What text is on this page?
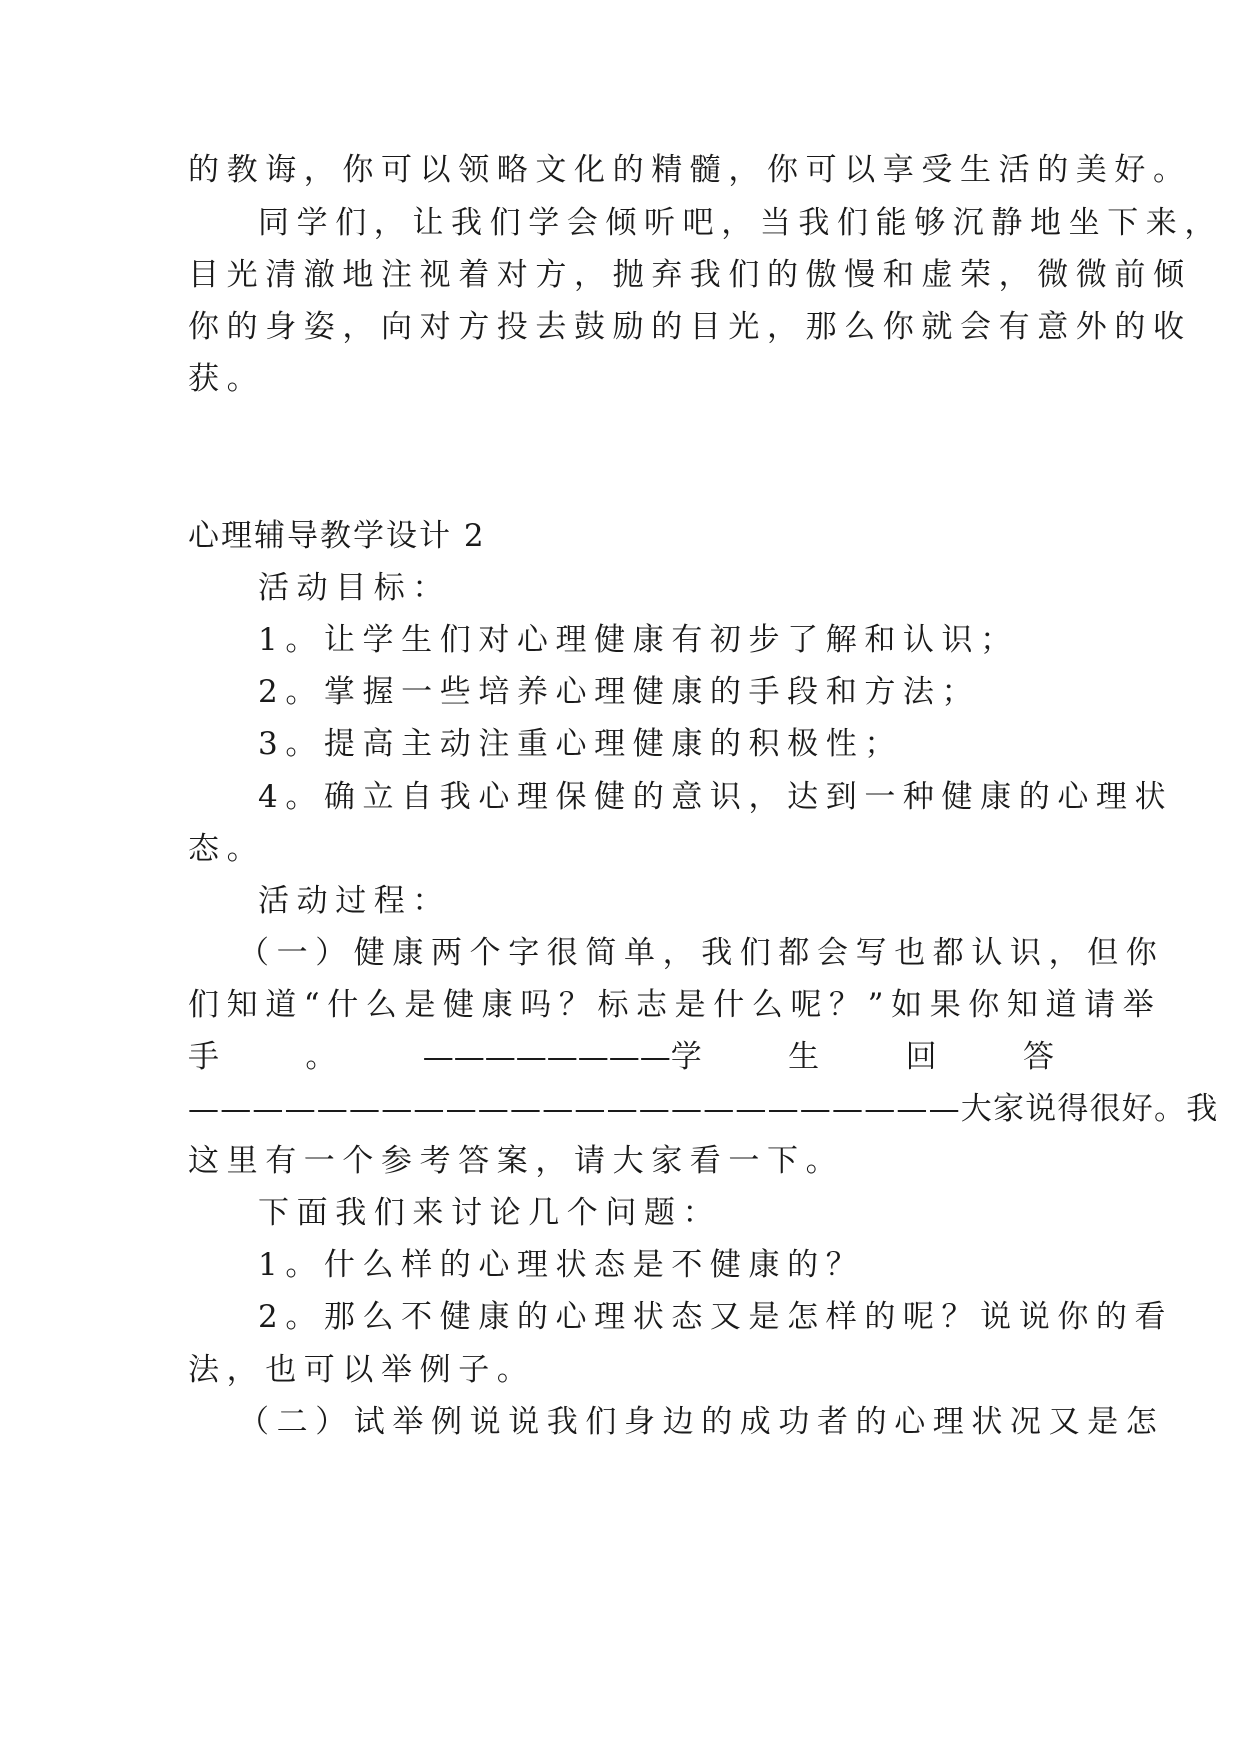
的教诲，你可以领略文化的精髓，你可以享受生活的美好。
同学们，让我们学会倾听吧，当我们能够沉静地坐下来，
目光清澈地注视着对方，抛弃我们的傲慢和虚荣，微微前倾
你的身姿，向对方投去鼓励的目光，那么你就会有意外的收
获。
心理辅导教学设计 2
活动目标：
1。让学生们对心理健康有初步了解和认识；
2。掌握一些培养心理健康的手段和方法；
3。提高主动注重心理健康的积极性；
4。确立自我心理保健的意识，达到一种健康的心理状
态。
活动过程：
（一）健康两个字很简单，我们都会写也都认识，但你
们知道“什么是健康吗？标志是什么呢？”如果你知道请举
手	。	————————学	生	回	答
————————————————————————大家说得很好。我
这里有一个参考答案，请大家看一下。
下面我们来讨论几个问题：
1。什么样的心理状态是不健康的？
2。那么不健康的心理状态又是怎样的呢？说说你的看
法，也可以举例子。
（二）试举例说说我们身边的成功者的心理状况又是怎
